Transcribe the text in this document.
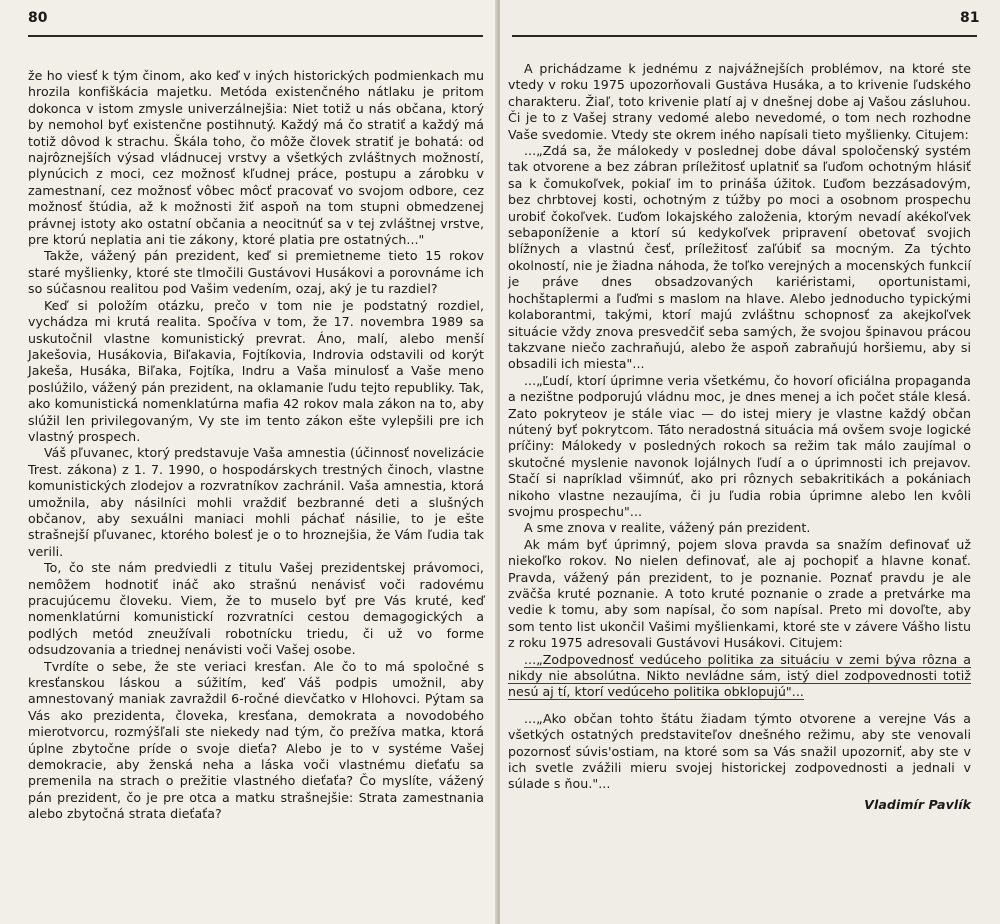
80

že ho viesť k tým činom, ako keď v iných historických podmienkach mu hrozila konfiškácia majetku. Metóda existenčného nátlaku je pritom dokonca v istom zmysle univerzálnejšia: Niet totiž u nás občana, ktorý by nemohol byť existenčne postihnutý. Každý má čo stratiť a každý má totiž dôvod k strachu. Škála toho, čo môže človek stratiť je bohatá: od najrôznejších výsad vládnucej vrstvy a všetkých zvláštnych možností, plynúcich z moci, cez možnosť kľudnej práce, postupu a zárobku v zamestnaní, cez možnosť vôbec môcť pracovať vo svojom odbore, cez možnosť štúdia, až k možnosti žiť aspoň na tom stupni obmedzenej právnej istoty ako ostatní občania a neocitnúť sa v tej zvláštnej vrstve, pre ktorú neplatia ani tie zákony, ktoré platia pre ostatných..."

Takže, vážený pán prezident, keď si premietneme tieto 15 rokov staré myšlienky, ktoré ste tlmočili Gustávovi Husákovi a porovnáme ich so súčasnou realitou pod Vašim vedením, ozaj, aký je tu razdiel?

Keď si položím otázku, prečo v tom nie je podstatný rozdiel, vychádza mi krutá realita. Spočíva v tom, že 17. novembra 1989 sa uskutočnil vlastne komunistický prevrat. Áno, malí, alebo menší Jakešovia, Husákovia, Biľakavia, Fojtíkovia, Indrovia odstavili od korýt Jakeša, Husáka, Biľaka, Fojtíka, Indru a Vaša minulosť a Vaše meno poslúžilo, vážený pán prezident, na oklamanie ľudu tejto republiky. Tak, ako komunistická nomenklatúrna mafia 42 rokov mala zákon na to, aby slúžil len privilegovaným, Vy ste im tento zákon ešte vylepšili pre ich vlastný prospech.

Váš pľuvanec, ktorý predstavuje Vaša amnestia (účinnosť novelizácie Trest. zákona) z 1. 7. 1990, o hospodárskych trestných činoch, vlastne komunistických zlodejov a rozvratníkov zachránil. Vaša amnestia, ktorá umožnila, aby násilníci mohli vraždiť bezbranné deti a slušných občanov, aby sexuálni maniaci mohli páchať násilie, to je ešte strašnejší pľuvanec, ktorého bolesť je o to hroznejšia, že Vám ľudia tak verili.

To, čo ste nám predviedli z titulu Vašej prezidentskej právomoci, nemôžem hodnotiť ináč ako strašnú nenávisť voči radovému pracujúcemu človeku. Viem, že to muselo byť pre Vás kruté, keď nomenklatúrni komunistickí rozvratníci cestou demagogických a podlých metód zneužívali robotnícku triedu, či už vo forme odsudzovania a triednej nenávisti voči Vašej osobe.

Tvrdíte o sebe, že ste veriaci kresťan. Ale čo to má spoločné s kresťanskou láskou a súžitím, keď Váš podpis umožnil, aby amnestovaný maniak zavraždil 6-ročné dievčatko v Hlohovci. Pýtam sa Vás ako prezidenta, človeka, kresťana, demokrata a novodobého mierotvorcu, rozmýšľali ste niekedy nad tým, čo prežíva matka, ktorá úplne zbytočne príde o svoje dieťa? Alebo je to v systéme Vašej demokracie, aby ženská neha a láska voči vlastnému dieťaťu sa premenila na strach o prežitie vlastného dieťaťa? Čo myslíte, vážený pán prezident, čo je pre otca a matku strašnejšie: Strata zamestnania alebo zbytočná strata dieťaťa?

81

A prichádzame k jednému z najvážnejších problémov, na ktoré ste vtedy v roku 1975 upozorňovali Gustáva Husáka, a to krivenie ľudského charakteru. Žiaľ, toto krivenie platí aj v dnešnej dobe aj Vašou zásluhou. Či je to z Vašej strany vedomé alebo nevedomé, o tom nech rozhodne Vaše svedomie. Vtedy ste okrem iného napísali tieto myšlienky. Citujem:

...„Zdá sa, že málokedy v poslednej dobe dával spoločenský systém tak otvorene a bez zábran príležitosť uplatniť sa ľuďom ochotným hlásiť sa k čomukoľvek, pokiaľ im to prináša úžitok. Ľuďom bezzásadovým, bez chrbtovej kosti, ochotným z túžby po moci a osobnom prospechu urobiť čokoľvek. Ľuďom lokajského založenia, ktorým nevadí akékoľvek sebaponíženie a ktorí sú kedykoľvek pripravení obetovať svojich blížnych a vlastnú česť, príležitosť zaľúbiť sa mocným. Za týchto okolností, nie je žiadna náhoda, že toľko verejných a mocenských funkcií je práve dnes obsadzovaných kariéristami, oportunistami, hochštaplermi a ľuďmi s maslom na hlave. Alebo jednoducho typickými kolaborantmi, takými, ktorí majú zvláštnu schopnosť za akejkoľvek situácie vždy znova presvedčiť seba samých, že svojou špinavou prácou takzvane niečo zachraňujú, alebo že aspoň zabraňujú horšiemu, aby si obsadili ich miesta"...

...„Ľudí, ktorí úprimne veria všetkému, čo hovorí oficiálna propaganda a nezištne podporujú vládnu moc, je dnes menej a ich počet stále klesá. Zato pokryteov je stále viac — do istej miery je vlastne každý občan nútený byť pokrytcom. Táto neradostná situácia má ovšem svoje logické príčiny: Málokedy v posledných rokoch sa režim tak málo zaujímal o skutočné myslenie navonok lojálnych ľudí a o úprimnosti ich prejavov. Stačí si napríklad všimnúť, ako pri rôznych sebakritikách a pokániach nikoho vlastne nezaujíma, či ju ľudia robia úprimne alebo len kvôli svojmu prospechu"...

A sme znova v realite, vážený pán prezident.

Ak mám byť úprimný, pojem slova pravda sa snažím definovať už niekoľko rokov. No nielen definovať, ale aj pochopiť a hlavne konať. Pravda, vážený pán prezident, to je poznanie. Poznať pravdu je ale zväčša kruté poznanie. A toto kruté poznanie o zrade a pretvárke ma vedie k tomu, aby som napísal, čo som napísal. Preto mi dovoľte, aby som tento list ukončil Vašimi myšlienkami, ktoré ste v závere Vášho listu z roku 1975 adresovali Gustávovi Husákovi. Citujem:

...„Zodpovednosť vedúceho politika za situáciu v zemi býva rôzna a nikdy nie absolútna. Nikto nevládne sám, istý diel zodpovednosti totiž nesú aj tí, ktorí vedúceho politika obklopujú"...

...„Ako občan tohto štátu žiadam týmto otvorene a verejne Vás a všetkých ostatných predstaviteľov dnešného režimu, aby ste venovali pozornosť súvis'ostiam, na ktoré som sa Vás snažil upozorniť, aby ste v ich svetle zvážili mieru svojej historickej zodpovednosti a jednali v súlade s ňou."...

Vladimír Pavlík
